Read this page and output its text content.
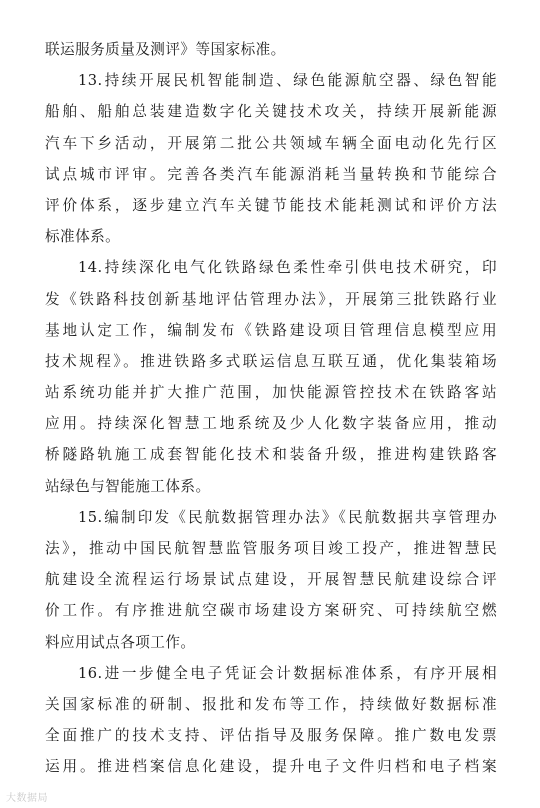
联运服务质量及测评》等国家标准。
13.持续开展民机智能制造、绿色能源航空器、绿色智能
船舶、船舶总装建造数字化关键技术攻关，持续开展新能源
汽车下乡活动，开展第二批公共领域车辆全面电动化先行区
试点城市评审。完善各类汽车能源消耗当量转换和节能综合
评价体系，逐步建立汽车关键节能技术能耗测试和评价方法
标准体系。
14.持续深化电气化铁路绿色柔性牵引供电技术研究，印
发《铁路科技创新基地评估管理办法》，开展第三批铁路行业
基地认定工作，编制发布《铁路建设项目管理信息模型应用
技术规程》。推进铁路多式联运信息互联互通，优化集装箱场
站系统功能并扩大推广范围，加快能源管控技术在铁路客站
应用。持续深化智慧工地系统及少人化数字装备应用，推动
桥隧路轨施工成套智能化技术和装备升级，推进构建铁路客
站绿色与智能施工体系。
15.编制印发《民航数据管理办法》《民航数据共享管理办
法》，推动中国民航智慧监管服务项目竣工投产，推进智慧民
航建设全流程运行场景试点建设，开展智慧民航建设综合评
价工作。有序推进航空碳市场建设方案研究、可持续航空燃
料应用试点各项工作。
16.进一步健全电子凭证会计数据标准体系，有序开展相
关国家标准的研制、报批和发布等工作，持续做好数据标准
全面推广的技术支持、评估指导及服务保障。推广数电发票
运用。推进档案信息化建设，提升电子文件归档和电子档案
大数据局
